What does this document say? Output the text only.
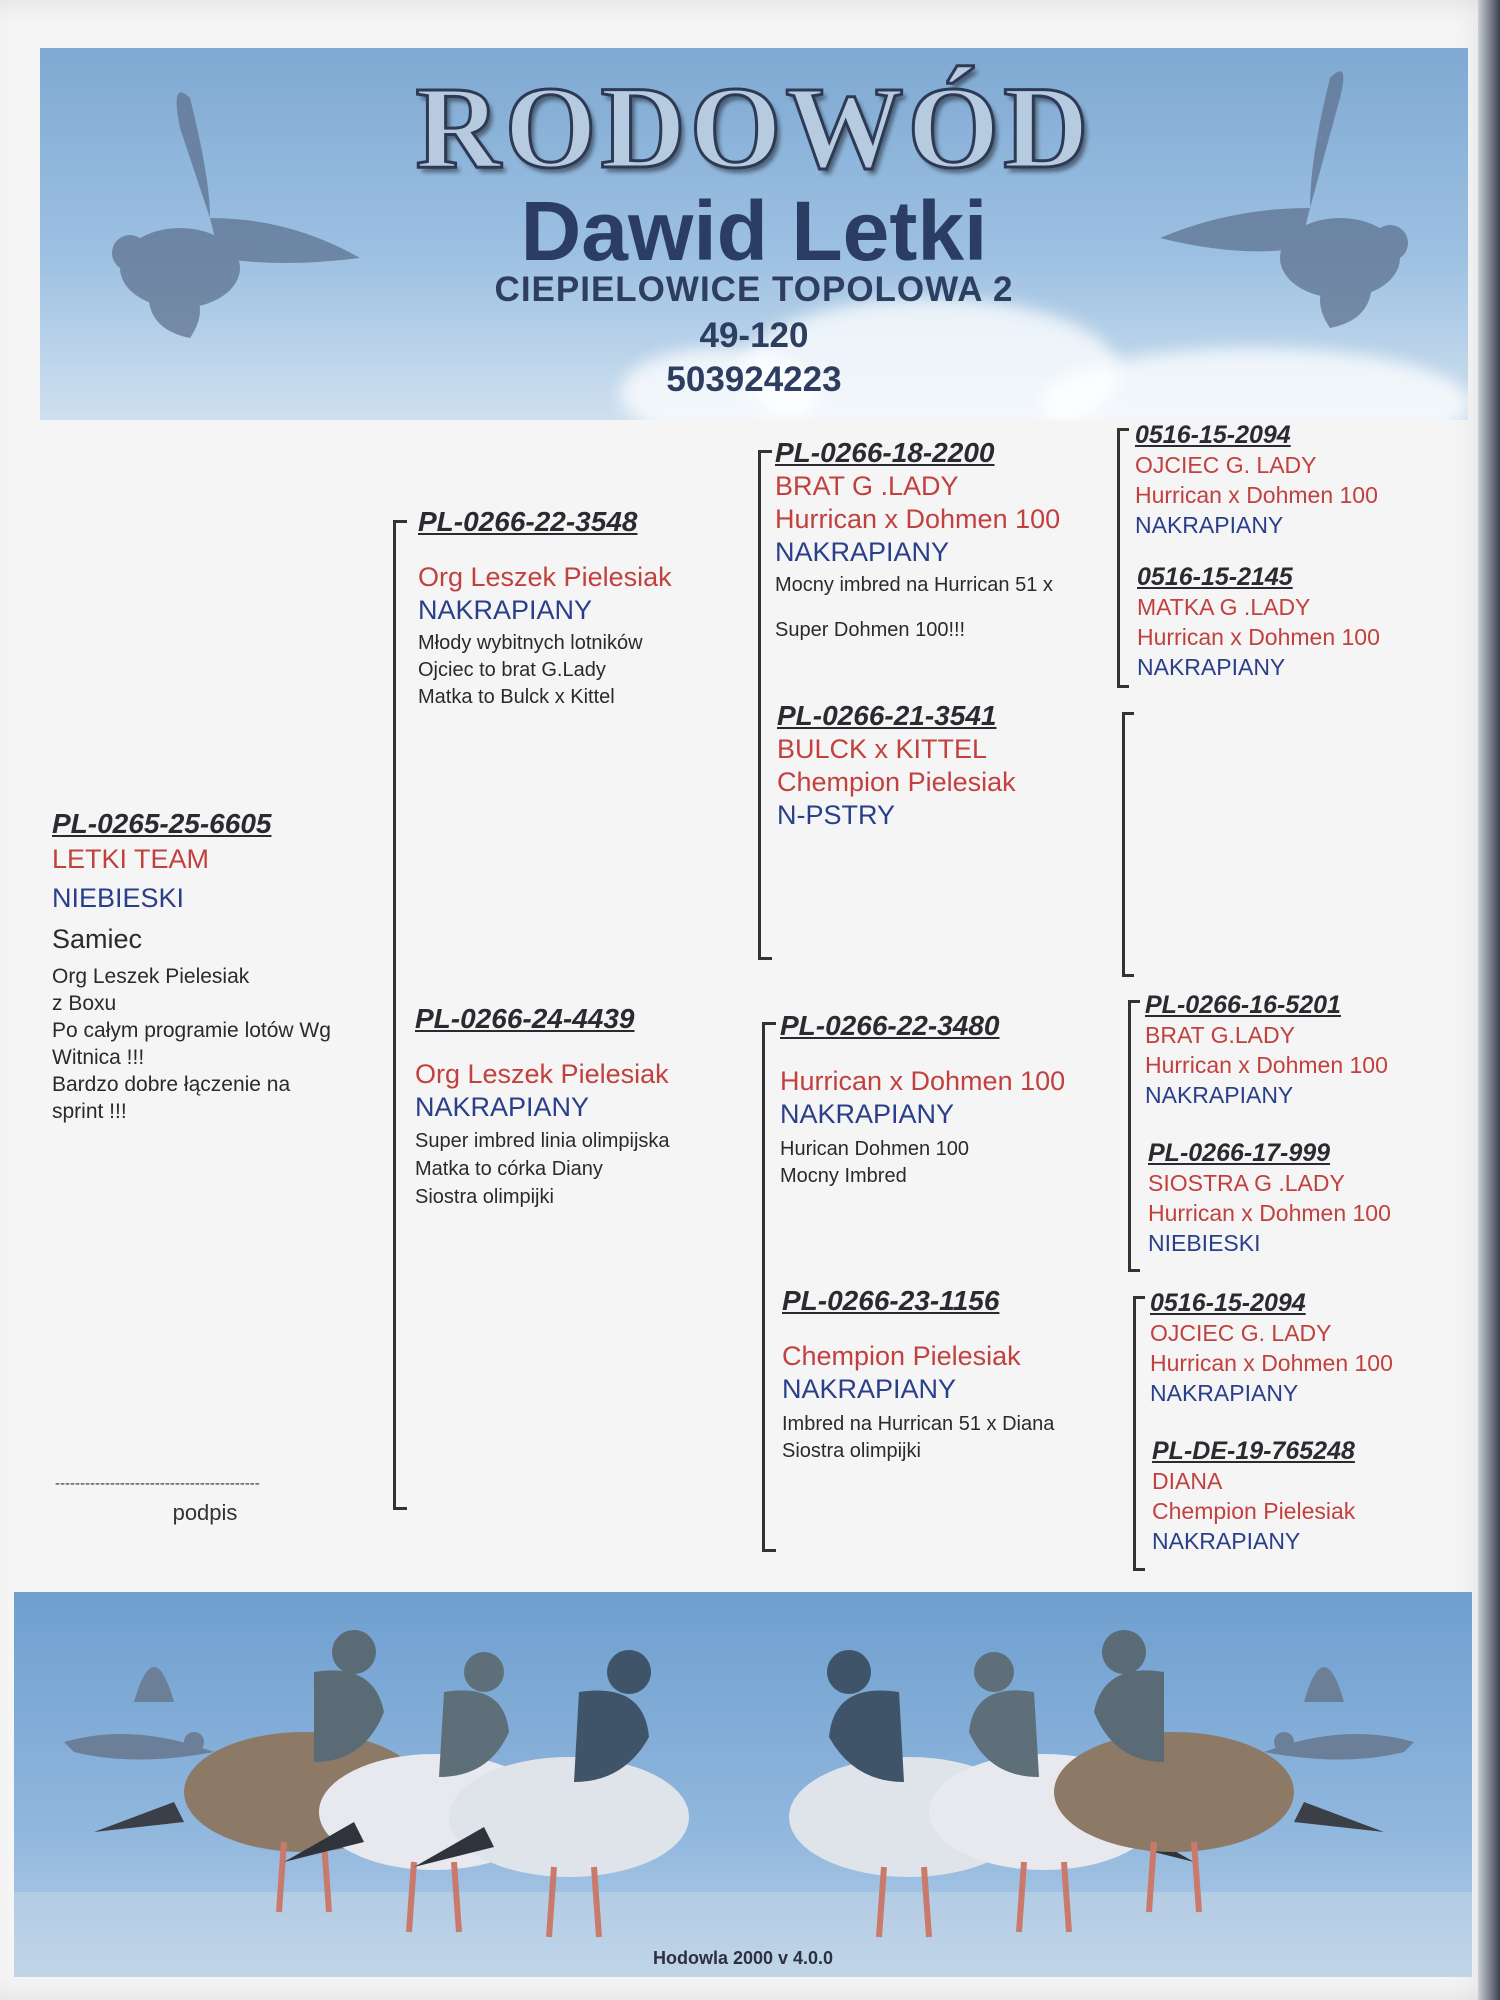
RODOWÓD
Dawid Letki
CIEPIELOWICE TOPOLOWA 2
49-120
503924223
PL-0265-25-6605
LETKI TEAM
NIEBIESKI
Samiec
Org Leszek Pielesiak
z Boxu
Po całym programie lotów Wg
Witnica !!!
Bardzo dobre łączenie na
sprint !!!
-----------------------------------------
podpis
PL-0266-22-3548
Org Leszek Pielesiak
NAKRAPIANY
Młody wybitnych lotników
Ojciec to brat G.Lady
Matka to Bulck x Kittel
PL-0266-24-4439
Org Leszek Pielesiak
NAKRAPIANY
Super imbred linia olimpijska
Matka to córka Diany
Siostra olimpijki
PL-0266-18-2200
BRAT G .LADY
Hurrican x Dohmen 100
NAKRAPIANY
Mocny imbred na Hurrican 51 x
Super Dohmen 100!!!
PL-0266-21-3541
BULCK x KITTEL
Chempion Pielesiak
N-PSTRY
PL-0266-22-3480
Hurrican x Dohmen 100
NAKRAPIANY
Hurican Dohmen 100
Mocny Imbred
PL-0266-23-1156
Chempion Pielesiak
NAKRAPIANY
Imbred na Hurrican 51 x Diana
Siostra olimpijki
0516-15-2094
OJCIEC G. LADY
Hurrican x Dohmen 100
NAKRAPIANY
0516-15-2145
MATKA G .LADY
Hurrican x Dohmen 100
NAKRAPIANY
PL-0266-16-5201
BRAT G.LADY
Hurrican x Dohmen 100
NAKRAPIANY
PL-0266-17-999
SIOSTRA G .LADY
Hurrican x Dohmen 100
NIEBIESKI
0516-15-2094
OJCIEC G. LADY
Hurrican x Dohmen 100
NAKRAPIANY
PL-DE-19-765248
DIANA
Chempion Pielesiak
NAKRAPIANY
Hodowla 2000 v 4.0.0
